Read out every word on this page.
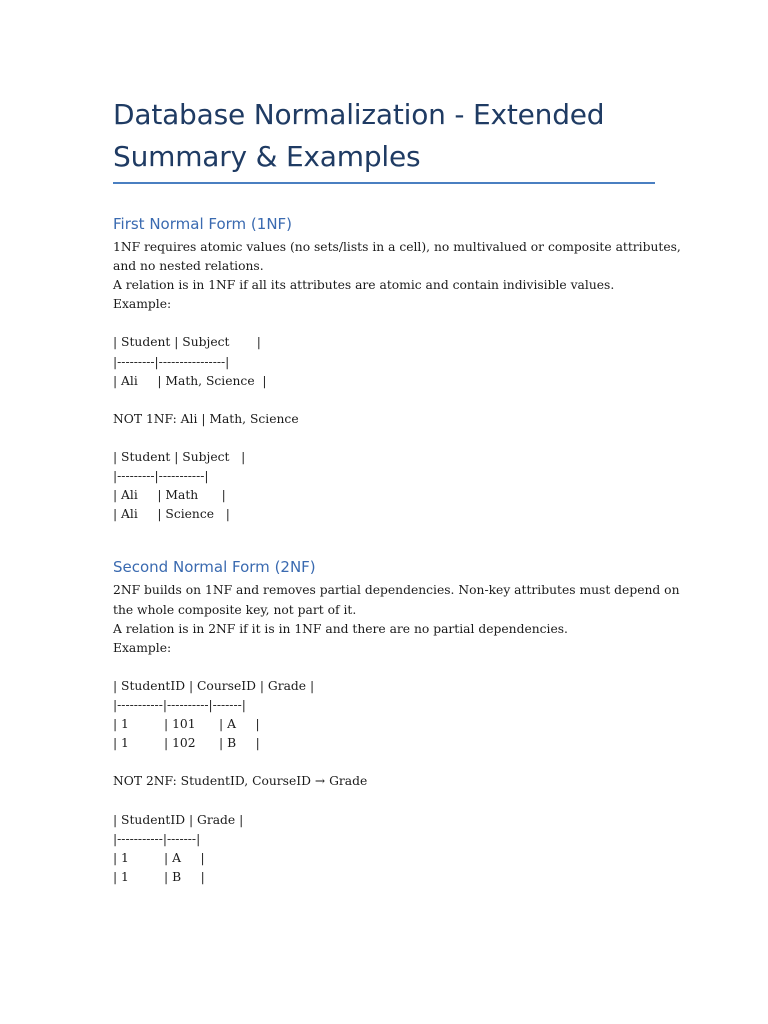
Database Normalization - Extended
Summary & Examples
First Normal Form (1NF)
1NF requires atomic values (no sets/lists in a cell), no multivalued or composite attributes,
and no nested relations.
A relation is in 1NF if all its attributes are atomic and contain indivisible values.
Example:
| Student | Subject       |
|---------|----------------|
| Ali     | Math, Science  |
NOT 1NF: Ali | Math, Science
| Student | Subject   |
|---------|-----------|
| Ali     | Math      |
| Ali     | Science   |
Second Normal Form (2NF)
2NF builds on 1NF and removes partial dependencies. Non-key attributes must depend on
the whole composite key, not part of it.
A relation is in 2NF if it is in 1NF and there are no partial dependencies.
Example:
| StudentID | CourseID | Grade |
|-----------|----------|-------|
| 1         | 101      | A     |
| 1         | 102      | B     |
NOT 2NF: StudentID, CourseID → Grade
| StudentID | Grade |
|-----------|-------|
| 1         | A     |
| 1         | B     |
